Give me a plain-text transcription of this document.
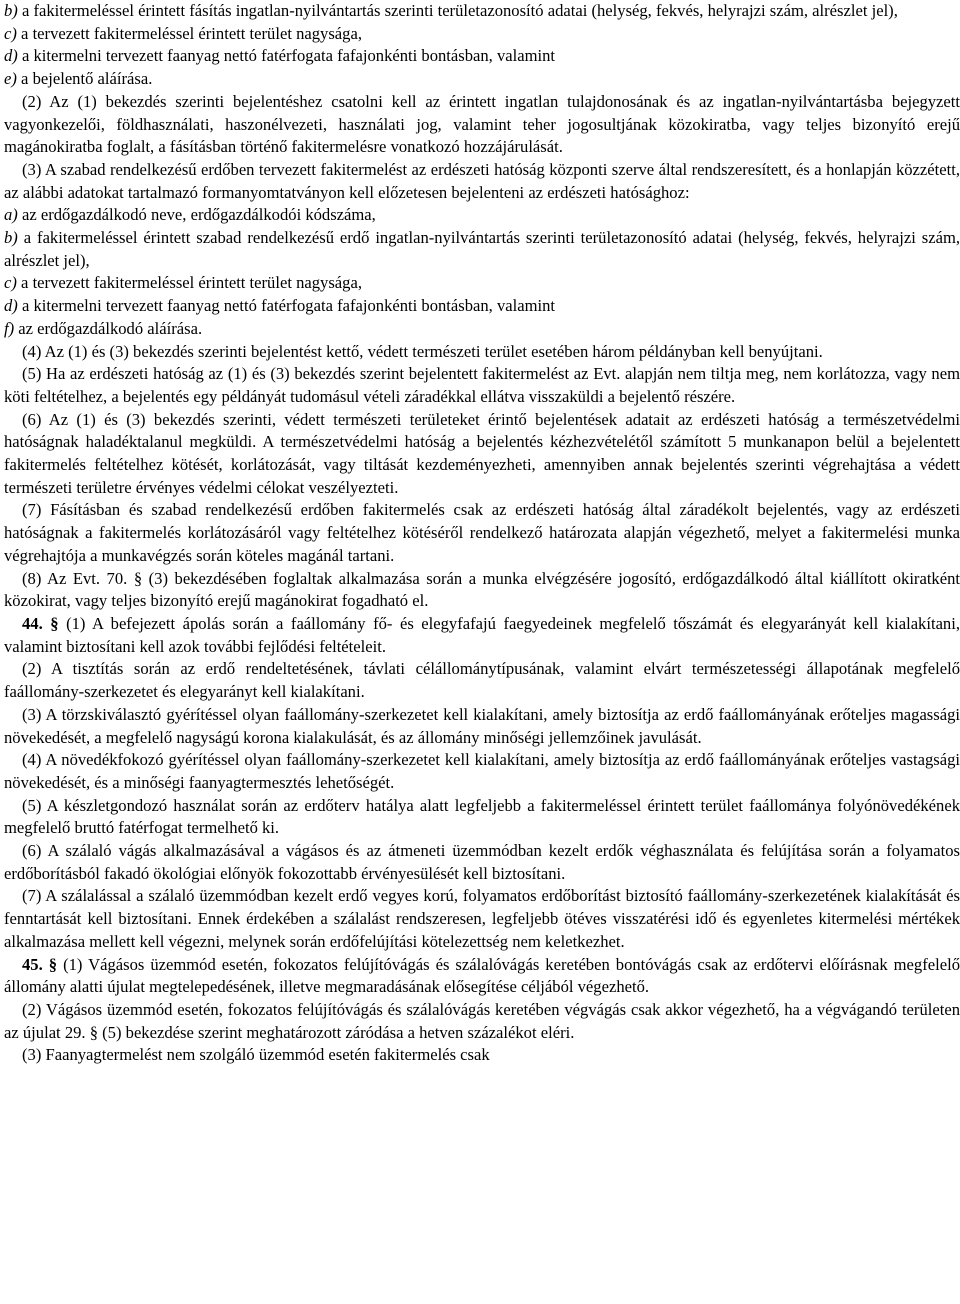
b) a fakitermeléssel érintett fásítás ingatlan-nyilvántartás szerinti területazonosító adatai (helység, fekvés, helyrajzi szám, alrészlet jel),

c) a tervezett fakitermeléssel érintett terület nagysága,

d) a kitermelni tervezett faanyag nettó fatérfogata fafajonkénti bontásban, valamint

e) a bejelentő aláírása.

(2) Az (1) bekezdés szerinti bejelentéshez csatolni kell az érintett ingatlan tulajdonosának és az ingatlan-nyilvántartásba bejegyzett vagyonkezelői, földhasználati, haszonélvezeti, használati jog, valamint teher jogosultjának közokiratba, vagy teljes bizonyító erejű magánokiratba foglalt, a fásításban történő fakitermelésre vonatkozó hozzájárulását.

(3) A szabad rendelkezésű erdőben tervezett fakitermelést az erdészeti hatóság központi szerve által rendszeresített, és a honlapján közzétett, az alábbi adatokat tartalmazó formanyomtatványon kell előzetesen bejelenteni az erdészeti hatósághoz:

a) az erdőgazdálkodó neve, erdőgazdálkodói kódszáma,

b) a fakitermeléssel érintett szabad rendelkezésű erdő ingatlan-nyilvántartás szerinti területazonosító adatai (helység, fekvés, helyrajzi szám, alrészlet jel),

c) a tervezett fakitermeléssel érintett terület nagysága,

d) a kitermelni tervezett faanyag nettó fatérfogata fafajonkénti bontásban, valamint

f) az erdőgazdálkodó aláírása.

(4) Az (1) és (3) bekezdés szerinti bejelentést kettő, védett természeti terület esetében három példányban kell benyújtani.

(5) Ha az erdészeti hatóság az (1) és (3) bekezdés szerint bejelentett fakitermelést az Evt. alapján nem tiltja meg, nem korlátozza, vagy nem köti feltételhez, a bejelentés egy példányát tudomásul vételi záradékkal ellátva visszaküldi a bejelentő részére.

(6) Az (1) és (3) bekezdés szerinti, védett természeti területeket érintő bejelentések adatait az erdészeti hatóság a természetvédelmi hatóságnak haladéktalanul megküldi. A természetvédelmi hatóság a bejelentés kézhezvételétől számított 5 munkanapon belül a bejelentett fakitermelés feltételhez kötését, korlátozását, vagy tiltását kezdeményezheti, amennyiben annak bejelentés szerinti végrehajtása a védett természeti területre érvényes védelmi célokat veszélyezteti.

(7) Fásításban és szabad rendelkezésű erdőben fakitermelés csak az erdészeti hatóság által záradékolt bejelentés, vagy az erdészeti hatóságnak a fakitermelés korlátozásáról vagy feltételhez kötéséről rendelkező határozata alapján végezhető, melyet a fakitermelési munka végrehajtója a munkavégzés során köteles magánál tartani.

(8) Az Evt. 70. § (3) bekezdésében foglaltak alkalmazása során a munka elvégzésére jogosító, erdőgazdálkodó által kiállított okiratként közokirat, vagy teljes bizonyító erejű magánokirat fogadható el.

44. § (1) A befejezett ápolás során a faállomány fő- és elegyfafajú faegyedeinek megfelelő tőszámát és elegyarányát kell kialakítani, valamint biztosítani kell azok további fejlődési feltételeit.

(2) A tisztítás során az erdő rendeltetésének, távlati célállománytípusának, valamint elvárt természetességi állapotának megfelelő faállomány-szerkezetet és elegyarányt kell kialakítani.

(3) A törzskiválasztó gyérítéssel olyan faállomány-szerkezetet kell kialakítani, amely biztosítja az erdő faállományának erőteljes magassági növekedését, a megfelelő nagyságú korona kialakulását, és az állomány minőségi jellemzőinek javulását.

(4) A növedékfokozó gyérítéssel olyan faállomány-szerkezetet kell kialakítani, amely biztosítja az erdő faállományának erőteljes vastagsági növekedését, és a minőségi faanyagtermesztés lehetőségét.

(5) A készletgondozó használat során az erdőterv hatálya alatt legfeljebb a fakitermeléssel érintett terület faállománya folyónövedékének megfelelő bruttó fatérfogat termelhető ki.

(6) A szálaló vágás alkalmazásával a vágásos és az átmeneti üzemmódban kezelt erdők véghasználata és felújítása során a folyamatos erdőborításból fakadó ökológiai előnyök fokozottabb érvényesülését kell biztosítani.

(7) A szálalással a szálaló üzemmódban kezelt erdő vegyes korú, folyamatos erdőborítást biztosító faállomány-szerkezetének kialakítását és fenntartását kell biztosítani. Ennek érdekében a szálalást rendszeresen, legfeljebb ötéves visszatérési idő és egyenletes kitermelési mértékek alkalmazása mellett kell végezni, melynek során erdőfelújítási kötelezettség nem keletkezhet.

45. § (1) Vágásos üzemmód esetén, fokozatos felújítóvágás és szálalóvágás keretében bontóvágás csak az erdőtervi előírásnak megfelelő állomány alatti újulat megtelepedésének, illetve megmaradásának elősegítése céljából végezhető.

(2) Vágásos üzemmód esetén, fokozatos felújítóvágás és szálalóvágás keretében végvágás csak akkor végezhető, ha a végvágandó területen az újulat 29. § (5) bekezdése szerint meghatározott záródása a hetven százalékot eléri.

(3) Faanyagtermelést nem szolgáló üzemmód esetén fakitermelés csak
